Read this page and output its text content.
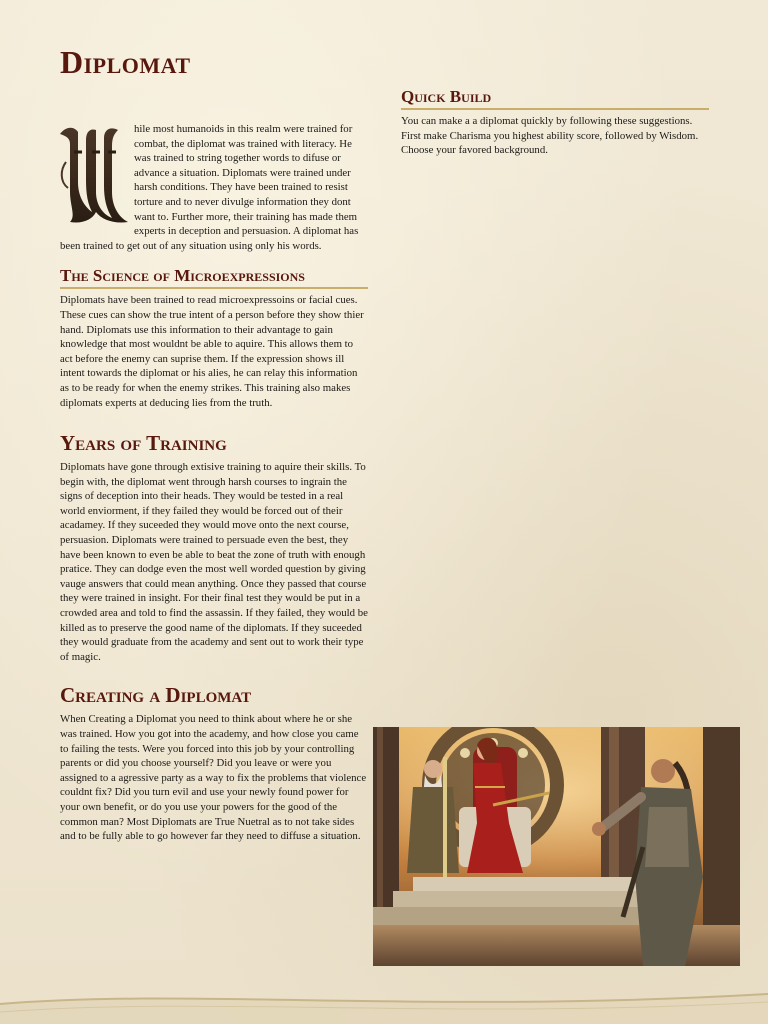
Diplomat

hile most humanoids in this realm were trained for combat, the diplomat was trained with literacy. He was trained to string together words to difuse or advance a situation. Diplomats were trained under harsh conditions. They have been trained to resist torture and to never divulge information they dont want to. Further more, their training has made them experts in deception and persuasion. A diplomat has been trained to get out of any situation using only his words.

The Science of Microexpressions

Diplomats have been trained to read microexpressoins or facial cues. These cues can show the true intent of a person before they show thier hand. Diplomats use this information to their advantage to gain knowledge that most wouldnt be able to aquire. This allows them to act before the enemy can suprise them. If the expression shows ill intent towards the diplomat or his alies, he can relay this information as to be ready for when the enemy strikes. This training also makes diplomats experts at deducing lies from the truth.

Years of Training

Diplomats have gone through extisive training to aquire their skills. To begin with, the diplomat went through harsh courses to ingrain the signs of deception into their heads. They would be tested in a real world enviorment, if they failed they would be forced out of their acadamey. If they suceeded they would move onto the next course, persuasion. Diplomats were trained to persuade even the best, they have been known to even be able to beat the zone of truth with enough pratice. They can dodge even the most well worded question by giving vauge answers that could mean anything. Once they passed that course they were trained in insight. For their final test they would be put in a crowded area and told to find the assassin. If they failed, they would be killed as to preserve the good name of the diplomats. If they suceeded they would graduate from the academy and sent out to work their type of magic.

Creating a Diplomat

When Creating a Diplomat you need to think about where he or she was trained. How you got into the academy, and how close you came to failing the tests. Were you forced into this job by your controlling parents or did you choose yourself? Did you leave or were you assigned to a agressive party as a way to fix the problems that violence couldnt fix? Did you turn evil and use your newly found power for your own benefit, or do you use your powers for the good of the common man? Most Diplomats are True Nuetral as to not take sides and to be fully able to go however far they need to diffuse a situation.

Quick Build

You can make a a diplomat quickly by following these suggestions. First make Charisma you highest ability score, followed by Wisdom. Choose your favored background.
